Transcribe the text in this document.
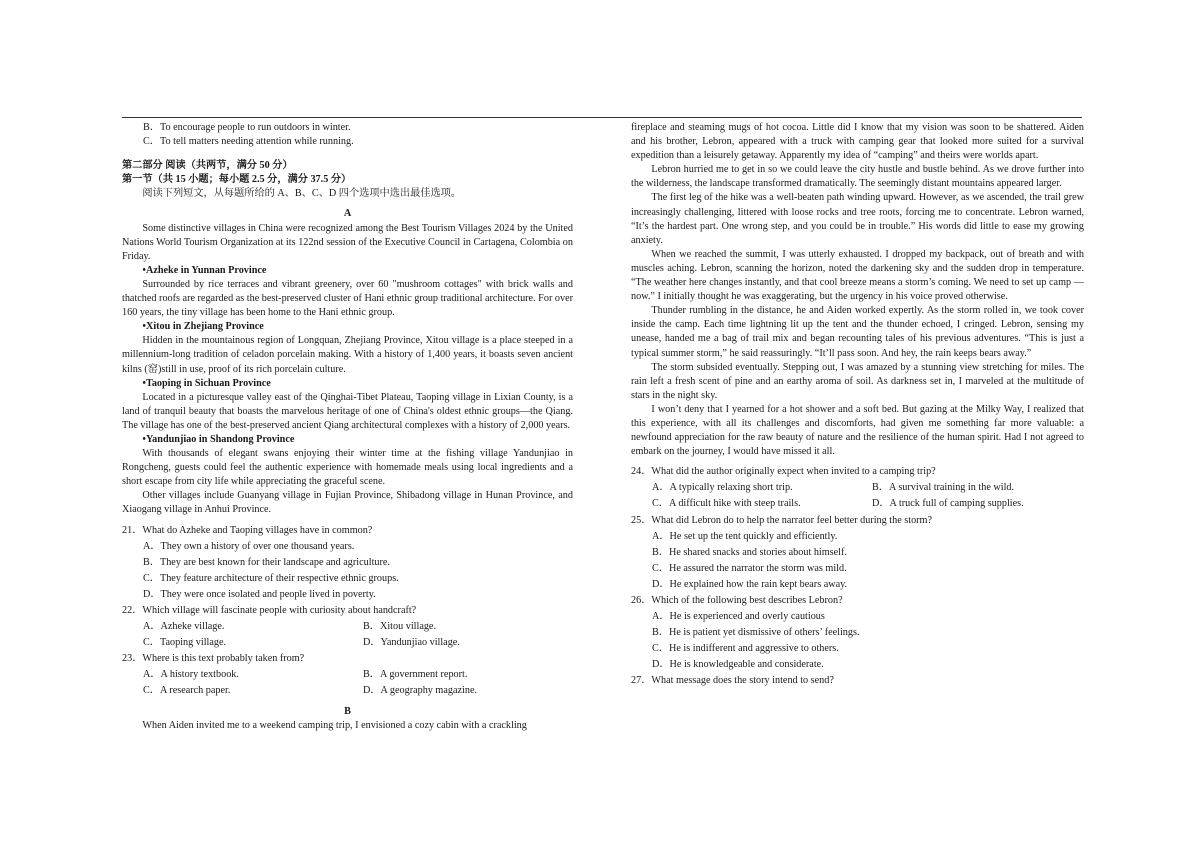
B．To encourage people to run outdoors in winter.

C．To tell matters needing attention while running.

第二部分 阅读（共两节，满分 50 分）

第一节（共 15 小题；每小题 2.5 分，满分 37.5 分）

阅读下列短文，从每题所给的 A、B、C、D 四个选项中选出最佳选项。

A

Some distinctive villages in China were recognized among the Best Tourism Villages 2024 by the United Nations World Tourism Organization at its 122nd session of the Executive Council in Cartagena, Colombia on Friday.

•Azheke in Yunnan Province

Surrounded by rice terraces and vibrant greenery, over 60 "mushroom cottages" with brick walls and thatched roofs are regarded as the best-preserved cluster of Hani ethnic group traditional architecture. For over 160 years, the tiny village has been home to the Hani ethnic group.

•Xitou in Zhejiang Province

Hidden in the mountainous region of Longquan, Zhejiang Province, Xitou village is a place steeped in a millennium-long tradition of celadon porcelain making. With a history of 1,400 years, it boasts seven ancient kilns (窑)still in use, proof of its rich porcelain culture.

•Taoping in Sichuan Province

Located in a picturesque valley east of the Qinghai-Tibet Plateau, Taoping village in Lixian County, is a land of tranquil beauty that boasts the marvelous heritage of one of China's oldest ethnic groups—the Qiang. The village has one of the best-preserved ancient Qiang architectural complexes with a history of 2,000 years.

•Yandunjiao in Shandong Province

With thousands of elegant swans enjoying their winter time at the fishing village Yandunjiao in Rongcheng, guests could feel the authentic experience with homemade meals using local ingredients and a short escape from city life while appreciating the graceful scene.

Other villages include Guanyang village in Fujian Province, Shibadong village in Hunan Province, and Xiaogang village in Anhui Province.

21．What do Azheke and Taoping villages have in common?

A．They own a history of over one thousand years.

B．They are best known for their landscape and agriculture.

C．They feature architecture of their respective ethnic groups.

D．They were once isolated and people lived in poverty.

22．Which village will fascinate people with curiosity about handcraft?

A．Azheke village.	B．Xitou village.
C．Taoping village.	D．Yandunjiao village.

23．Where is this text probably taken from?

A．A history textbook.	B．A government report.
C．A research paper.	D．A geography magazine.

B

When Aiden invited me to a weekend camping trip, I envisioned a cozy cabin with a crackling

fireplace and steaming mugs of hot cocoa. Little did I know that my vision was soon to be shattered. Aiden and his brother, Lebron, appeared with a truck with camping gear that looked more suited for a survival expedition than a leisurely getaway. Apparently my idea of “camping” and theirs were worlds apart.

Lebron hurried me to get in so we could leave the city hustle and bustle behind. As we drove further into the wilderness, the landscape transformed dramatically. The seemingly distant mountains appeared larger.

The first leg of the hike was a well-beaten path winding upward. However, as we ascended, the trail grew increasingly challenging, littered with loose rocks and tree roots, forcing me to concentrate. Lebron warned, “It’s the hardest part. One wrong step, and you could be in trouble.” His words did little to ease my growing anxiety.

When we reached the summit, I was utterly exhausted. I dropped my backpack, out of breath and with muscles aching. Lebron, scanning the horizon, noted the darkening sky and the sudden drop in temperature. “The weather here changes instantly, and that cool breeze means a storm’s coming. We need to set up camp — now.” I initially thought he was exaggerating, but the urgency in his voice proved otherwise.

Thunder rumbling in the distance, he and Aiden worked expertly. As the storm rolled in, we took cover inside the camp. Each time lightning lit up the tent and the thunder echoed, I cringed. Lebron, sensing my unease, handed me a bag of trail mix and began recounting tales of his previous adventures. “This is just a typical summer storm,” he said reassuringly. “It’ll pass soon. And hey, the rain keeps bears away.”

The storm subsided eventually. Stepping out, I was amazed by a stunning view stretching for miles. The rain left a fresh scent of pine and an earthy aroma of soil. As darkness set in, I marveled at the multitude of stars in the night sky.

I won’t deny that I yearned for a hot shower and a soft bed. But gazing at the Milky Way, I realized that this experience, with all its challenges and discomforts, had given me something far more valuable: a newfound appreciation for the raw beauty of nature and the resilience of the human spirit. Had I not agreed to embark on the journey, I would have missed it all.

24．What did the author originally expect when invited to a camping trip?

A．A typically relaxing short trip.	B．A survival training in the wild.
C．A difficult hike with steep trails.	D．A truck full of camping supplies.

25．What did Lebron do to help the narrator feel better during the storm?

A．He set up the tent quickly and efficiently.

B．He shared snacks and stories about himself.

C．He assured the narrator the storm was mild.

D．He explained how the rain kept bears away.

26．Which of the following best describes Lebron?

A．He is experienced and overly cautious

B．He is patient yet dismissive of others’ feelings.

C．He is indifferent and aggressive to others.

D．He is knowledgeable and considerate.

27．What message does the story intend to send?
